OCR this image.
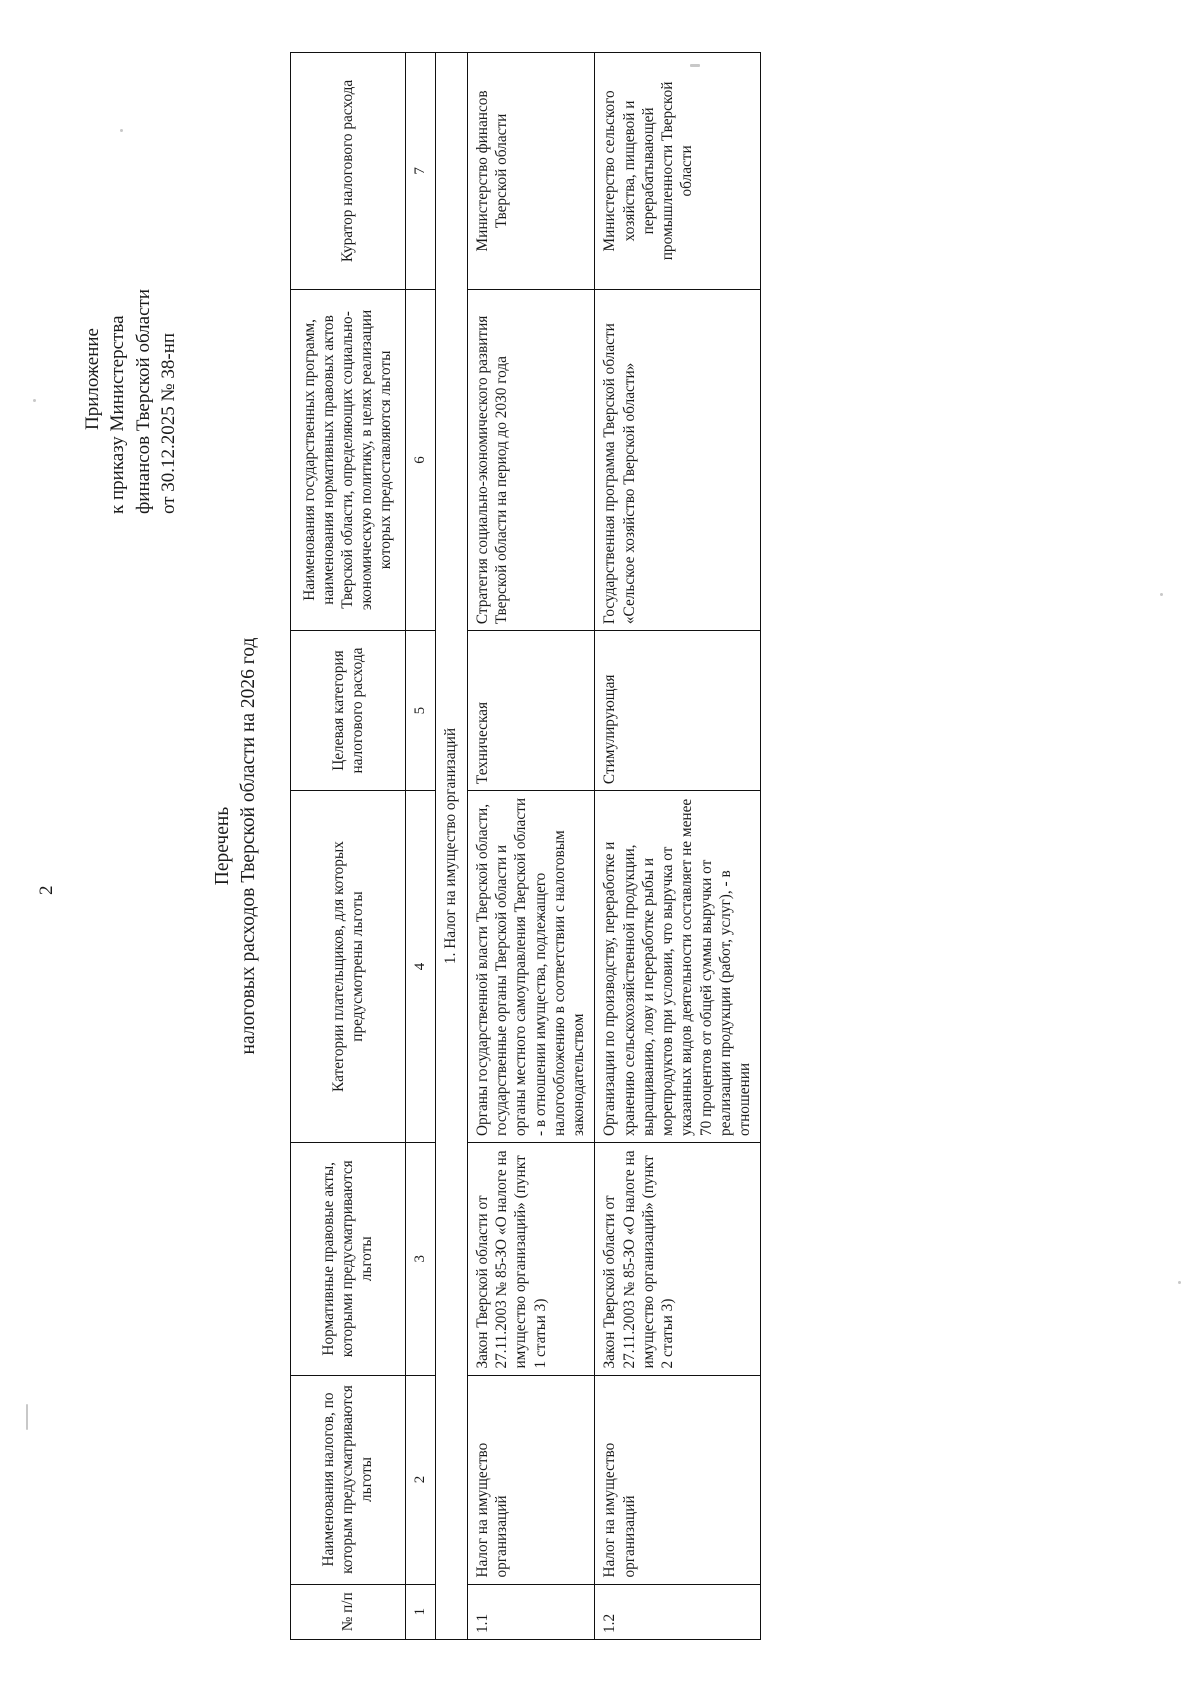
2
Приложение к приказу Министерства финансов Тверской области от 30.12.2025 № 38-нп
Перечень налоговых расходов Тверской области на 2026 год
№ п/п	Наименования налогов, по которым предусматриваются льготы	Нормативные правовые акты, которыми предусматриваются льготы	Категории плательщиков, для которых предусмотрены льготы	Целевая категория налогового расхода	Наименования государственных программ, наименования нормативных правовых актов Тверской области, определяющих социально-экономическую политику, в целях реализации которых предоставляются льготы	Куратор налогового расхода
1	2	3	4	5	6	7
1. Налог на имущество организаций						
1.1	Налог на имущество организаций	Закон Тверской области от 27.11.2003 № 85-ЗО «О налоге на имущество организаций» (пункт 1 статьи 3)	Органы государственной власти Тверской области, государственные органы Тверской области и органы местного самоуправления Тверской области - в отношении имущества, подлежащего налогообложению в соответствии с налоговым законодательством	Техническая	Стратегия социально-экономического развития Тверской области на период до 2030 года	Министерство финансов Тверской области
1.2	Налог на имущество организаций	Закон Тверской области от 27.11.2003 № 85-ЗО «О налоге на имущество организаций» (пункт 2 статьи 3)	Организации по производству, переработке и хранению сельскохозяйственной продукции, выращиванию, лову и переработке рыбы и морепродуктов при условии, что выручка от указанных видов деятельности составляет не менее 70 процентов от общей суммы выручки от реализации продукции (работ, услуг), - в отношении	Стимулирующая	Государственная программа Тверской области «Сельское хозяйство Тверской области»	Министерство сельского хозяйства, пищевой и перерабатывающей промышленности Тверской области
